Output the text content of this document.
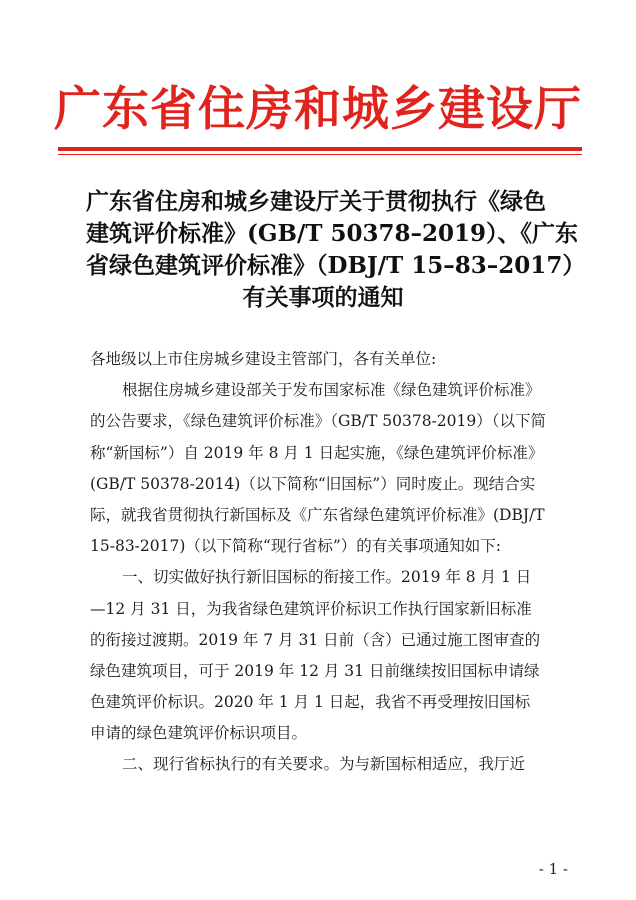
广东省住房和城乡建设厅
广东省住房和城乡建设厅关于贯彻执行《绿色
建筑评价标准》(GB/T 50378–2019）、《广东
省绿色建筑评价标准》（DBJ/T 15–83–2017）
有关事项的通知
各地级以上市住房城乡建设主管部门，各有关单位:
根据住房城乡建设部关于发布国家标准《绿色建筑评价标准》
的公告要求，《绿色建筑评价标准》（GB/T 50378-2019）（以下简
称“新国标”）自 2019 年 8 月 1 日起实施，《绿色建筑评价标准》
(GB/T 50378-2014)（以下简称“旧国标”）同时废止。现结合实
际，就我省贯彻执行新国标及《广东省绿色建筑评价标准》(DBJ/T
15-83-2017)（以下简称“现行省标”）的有关事项通知如下:
一、切实做好执行新旧国标的衔接工作。2019 年 8 月 1 日
—12 月 31 日，为我省绿色建筑评价标识工作执行国家新旧标准
的衔接过渡期。2019 年 7 月 31 日前（含）已通过施工图审查的
绿色建筑项目，可于 2019 年 12 月 31 日前继续按旧国标申请绿
色建筑评价标识。2020 年 1 月 1 日起，我省不再受理按旧国标
申请的绿色建筑评价标识项目。
二、现行省标执行的有关要求。为与新国标相适应，我厅近
- 1 -
